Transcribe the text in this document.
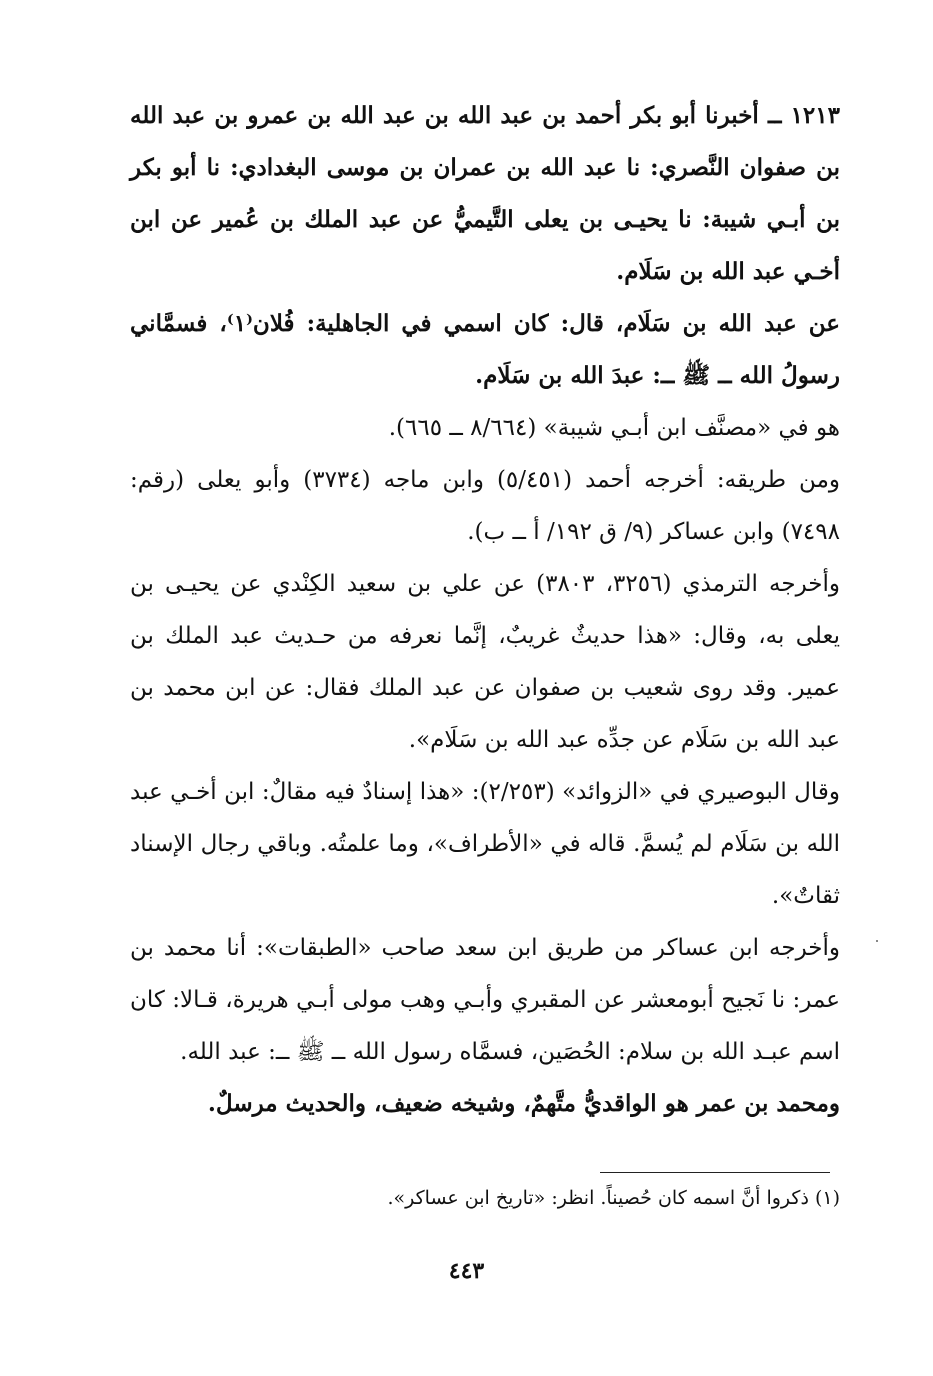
١٢١٣ ــ أخبرنا أبو بكر أحمد بن عبد الله بن عبد الله بن عمرو بن عبد الله بن صفوان النَّصري: نا عبد الله بن عمران بن موسى البغدادي: نا أبو بكر بن أبـي شيبة: نا يحيـى بن يعلى التَّيميُّ عن عبد الملك بن عُمير عن ابن أخـي عبد الله بن سَلَام.

عن عبد الله بن سَلَام، قال: كان اسمي في الجاهلية: فُلان⁽١⁾، فسمَّاني رسولُ الله ــ ﷺ ــ: عبدَ الله بن سَلَام.

هو في «مصنَّف ابن أبـي شيبة» (٨/٦٦٤ ــ ٦٦٥).

ومن طريقه: أخرجه أحمد (٥/٤٥١) وابن ماجه (٣٧٣٤) وأبو يعلى (رقم: ٧٤٩٨) وابن عساكر (٩/ ق ١٩٢/ أ ــ ب).

وأخرجه الترمذي (٣٢٥٦، ٣٨٠٣) عن علي بن سعيد الكِنْدي عن يحيـى بن يعلى به، وقال: «هذا حديثٌ غريبٌ، إنَّما نعرفه من حـديث عبد الملك بن عمير. وقد روى شعيب بن صفوان عن عبد الملك فقال: عن ابن محمد بن عبد الله بن سَلَام عن جدِّه عبد الله بن سَلَام».

وقال البوصيري في «الزوائد» (٢/٢٥٣): «هذا إسنادٌ فيه مقالٌ: ابن أخـي عبد الله بن سَلَام لم يُسمَّ. قاله في «الأطراف»، وما علمتُه. وباقي رجال الإسناد ثقاتٌ».

وأخرجه ابن عساكر من طريق ابن سعد صاحب «الطبقات»: أنا محمد بن عمر: نا نَجيح أبومعشر عن المقبري وأبـي وهب مولى أبـي هريرة، قـالا: كان اسم عبـد الله بن سلام: الحُصَين، فسمَّاه رسول الله ــ ﷺ ــ: عبد الله.

ومحمد بن عمر هو الواقديُّ متَّهمٌ، وشيخه ضعيف، والحديث مرسلٌ.

(١) ذكروا أنَّ اسمه كان حُصيناً. انظر: «تاريخ ابن عساكر».
٤٤٣
